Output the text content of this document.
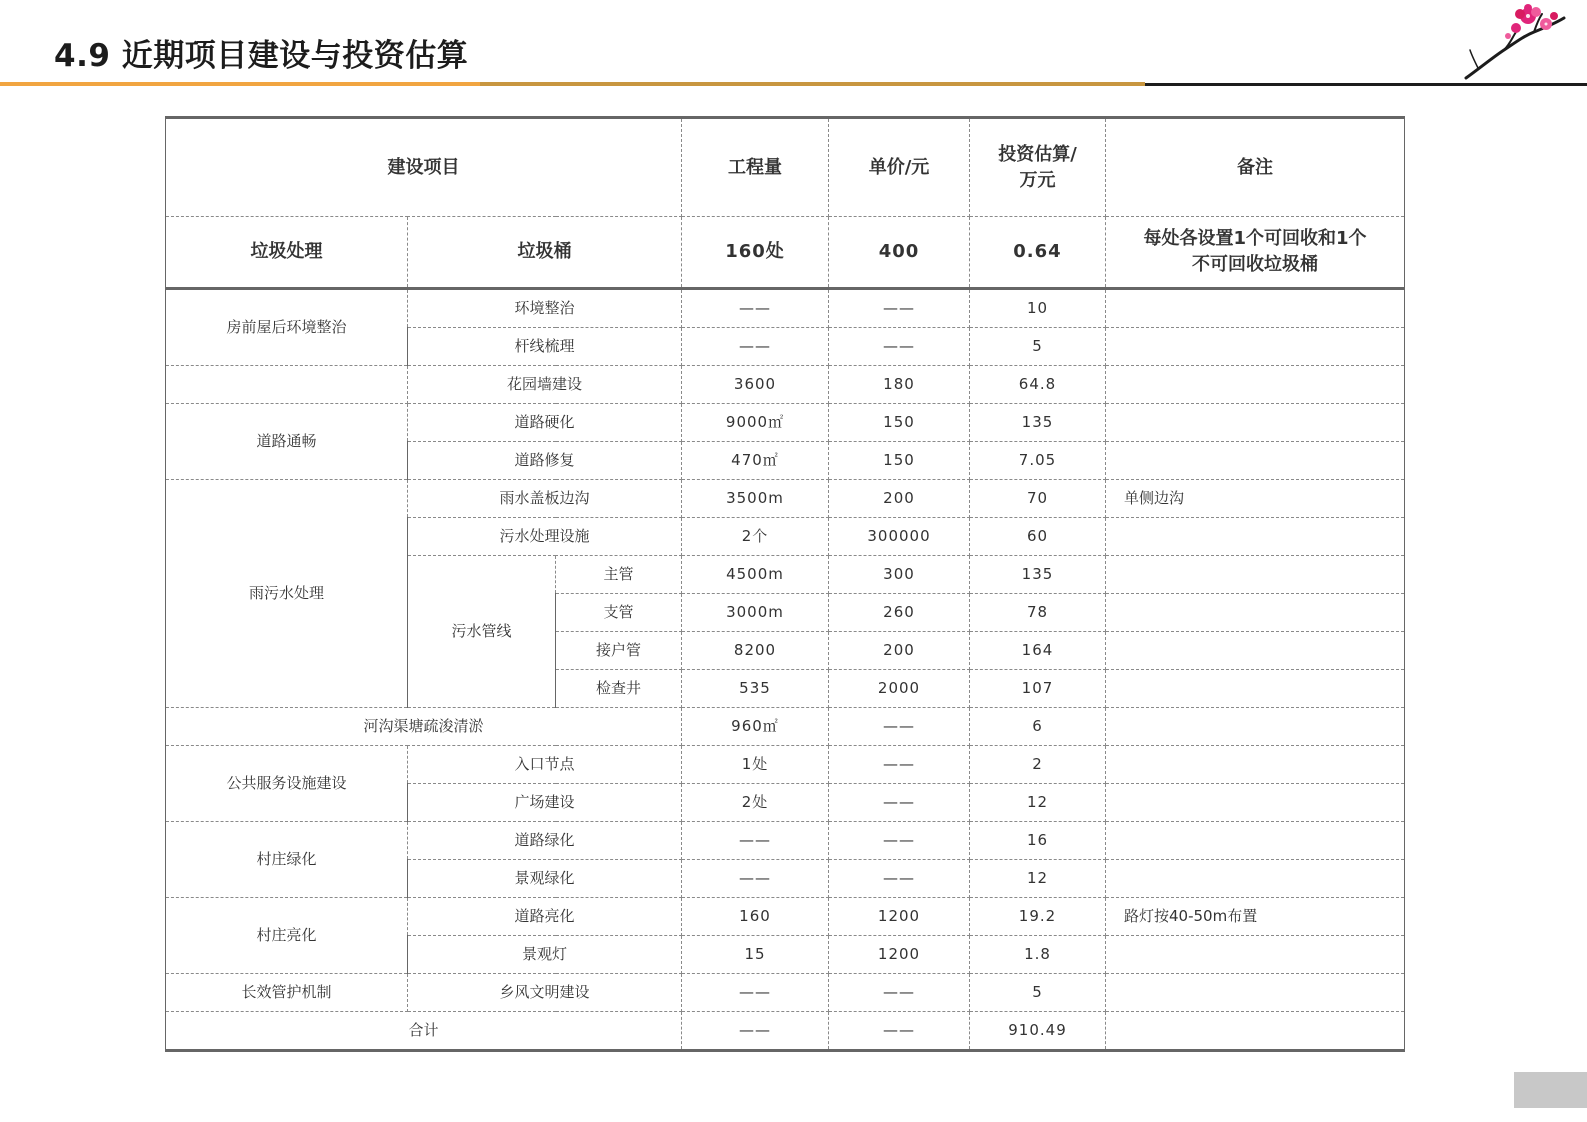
4.9 近期项目建设与投资估算
建设项目			工程量	单价/元	投资估算/
万元	备注
垃圾处理	垃圾桶		160处	400	0.64	每处各设置1个可回收和1个
不可回收垃圾桶
房前屋后环境整治	环境整治		——	——	10	
	杆线梳理		——	——	5	
	花园墙建设		3600	180	64.8	
道路通畅	道路硬化		9000㎡	150	135	
	道路修复		470㎡	150	7.05	
雨污水处理	雨水盖板边沟		3500m	200	70	单侧边沟
	污水处理设施		2个	300000	60	
	污水管线	主管	4500m	300	135	
		支管	3000m	260	78	
		接户管	8200	200	164	
		检查井	535	2000	107	
河沟渠塘疏浚清淤			960㎡	——	6	
公共服务设施建设	入口节点		1处	——	2	
	广场建设		2处	——	12	
村庄绿化	道路绿化		——	——	16	
	景观绿化		——	——	12	
村庄亮化	道路亮化		160	1200	19.2	路灯按40-50m布置
	景观灯		15	1200	1.8	
长效管护机制	乡风文明建设		——	——	5	
合计			——	——	910.49	
